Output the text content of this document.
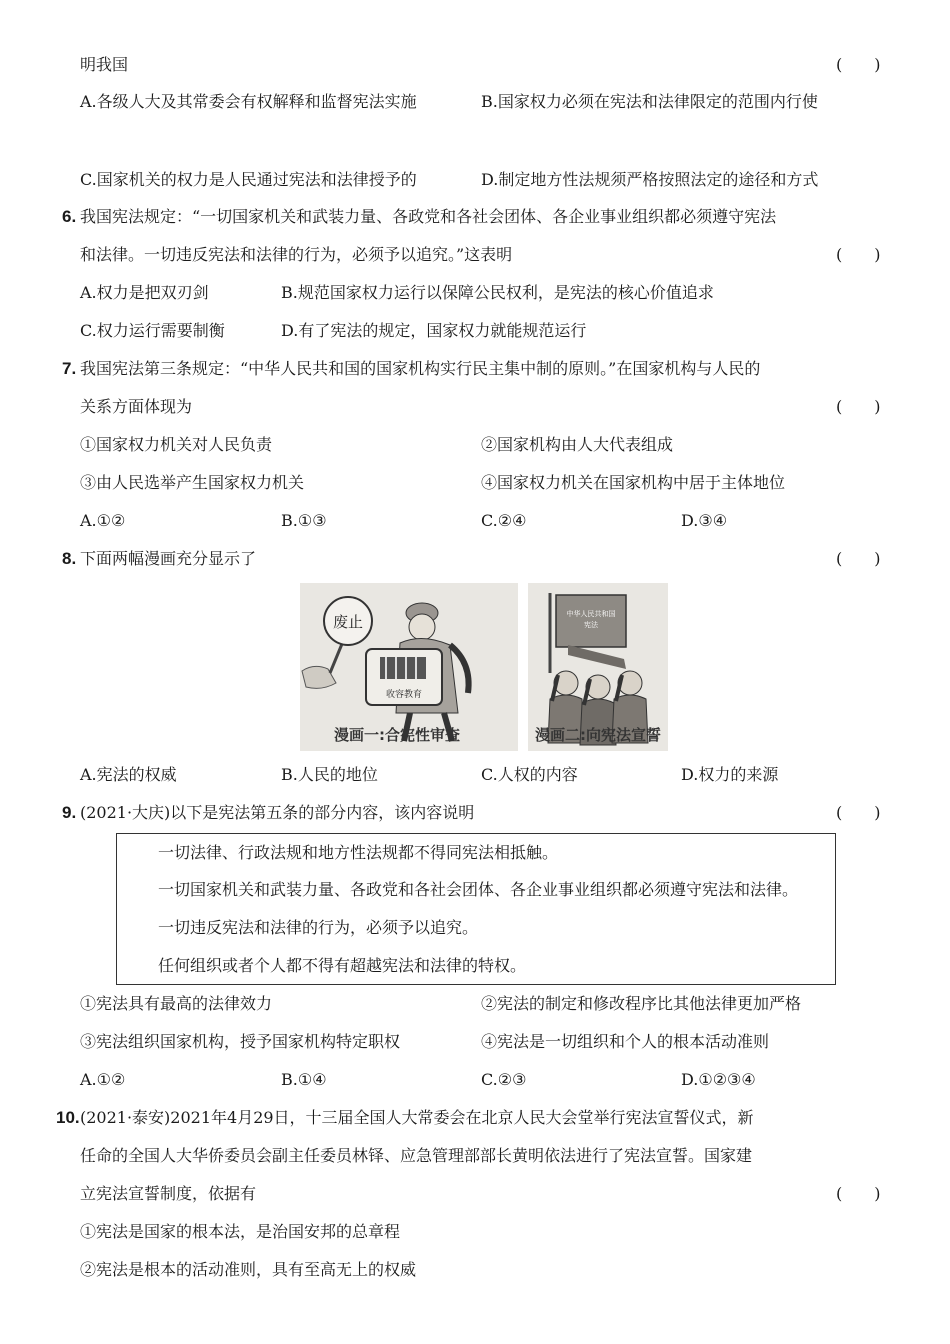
明我国	(　　)
A.各级人大及其常委会有权解释和监督宪法实施	B.国家权力必须在宪法和法律限定的范围内行使
C.国家机关的权力是人民通过宪法和法律授予的	D.制定地方性法规须严格按照法定的途径和方式
6. 我国宪法规定：“一切国家机关和武装力量、各政党和各社会团体、各企业事业组织都必须遵守宪法
和法律。一切违反宪法和法律的行为，必须予以追究。”这表明	(　　)
A.权力是把双刃剑	B.规范国家权力运行以保障公民权利，是宪法的核心价值追求
C.权力运行需要制衡	D.有了宪法的规定，国家权力就能规范运行
7. 我国宪法第三条规定：“中华人民共和国的国家机构实行民主集中制的原则。”在国家机构与人民的
关系方面体现为	(　　)
①国家权力机关对人民负责	②国家机构由人大代表组成
③由人民选举产生国家权力机关	④国家权力机关在国家机构中居于主体地位
A.①②	B.①③	C.②④	D.③④
8. 下面两幅漫画充分显示了	(　　)
废止
收容教育
漫画一:合宪性审查
中华人民共和国
宪法
漫画二:向宪法宣誓
A.宪法的权威	B.人民的地位	C.人权的内容	D.权力的来源
9. (2021·大庆)以下是宪法第五条的部分内容，该内容说明	(　　)
一切法律、行政法规和地方性法规都不得同宪法相抵触。
一切国家机关和武装力量、各政党和各社会团体、各企业事业组织都必须遵守宪法和法律。
一切违反宪法和法律的行为，必须予以追究。
任何组织或者个人都不得有超越宪法和法律的特权。
①宪法具有最高的法律效力	②宪法的制定和修改程序比其他法律更加严格
③宪法组织国家机构，授予国家机构特定职权	④宪法是一切组织和个人的根本活动准则
A.①②	B.①④	C.②③	D.①②③④
10. (2021·泰安)2021年4月29日，十三届全国人大常委会在北京人民大会堂举行宪法宣誓仪式，新
任命的全国人大华侨委员会副主任委员林铎、应急管理部部长黄明依法进行了宪法宣誓。国家建
立宪法宣誓制度，依据有	(　　)
①宪法是国家的根本法，是治国安邦的总章程
②宪法是根本的活动准则，具有至高无上的权威
